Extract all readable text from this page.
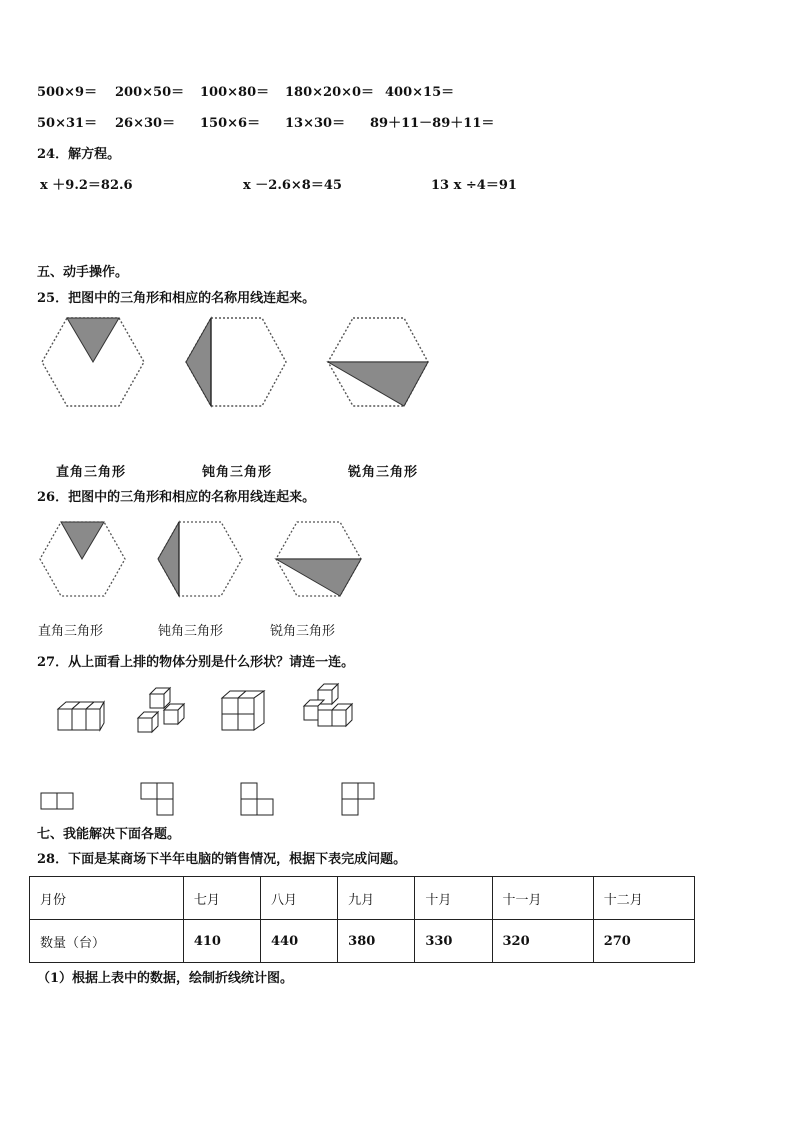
500×9＝ 200×50＝ 100×80＝ 180×20×0＝ 400×15＝
50×31＝ 26×30＝ 150×6＝ 13×30＝ 89＋11－89＋11＝
24．解方程。
x ＋9.2＝82.6	x －2.6×8＝45	13 x ÷4＝91
五、动手操作。
25．把图中的三角形和相应的名称用线连起来。
直角三角形	钝角三角形	锐角三角形
26．把图中的三角形和相应的名称用线连起来。
直角三角形	钝角三角形	锐角三角形
27．从上面看上排的物体分别是什么形状？请连一连。
七、我能解决下面各题。
28．下面是某商场下半年电脑的销售情况，根据下表完成问题。
月份	七月	八月	九月	十月	十一月	十二月
数量（台）	410	440	380	330	320	270
（1）根据上表中的数据，绘制折线统计图。
